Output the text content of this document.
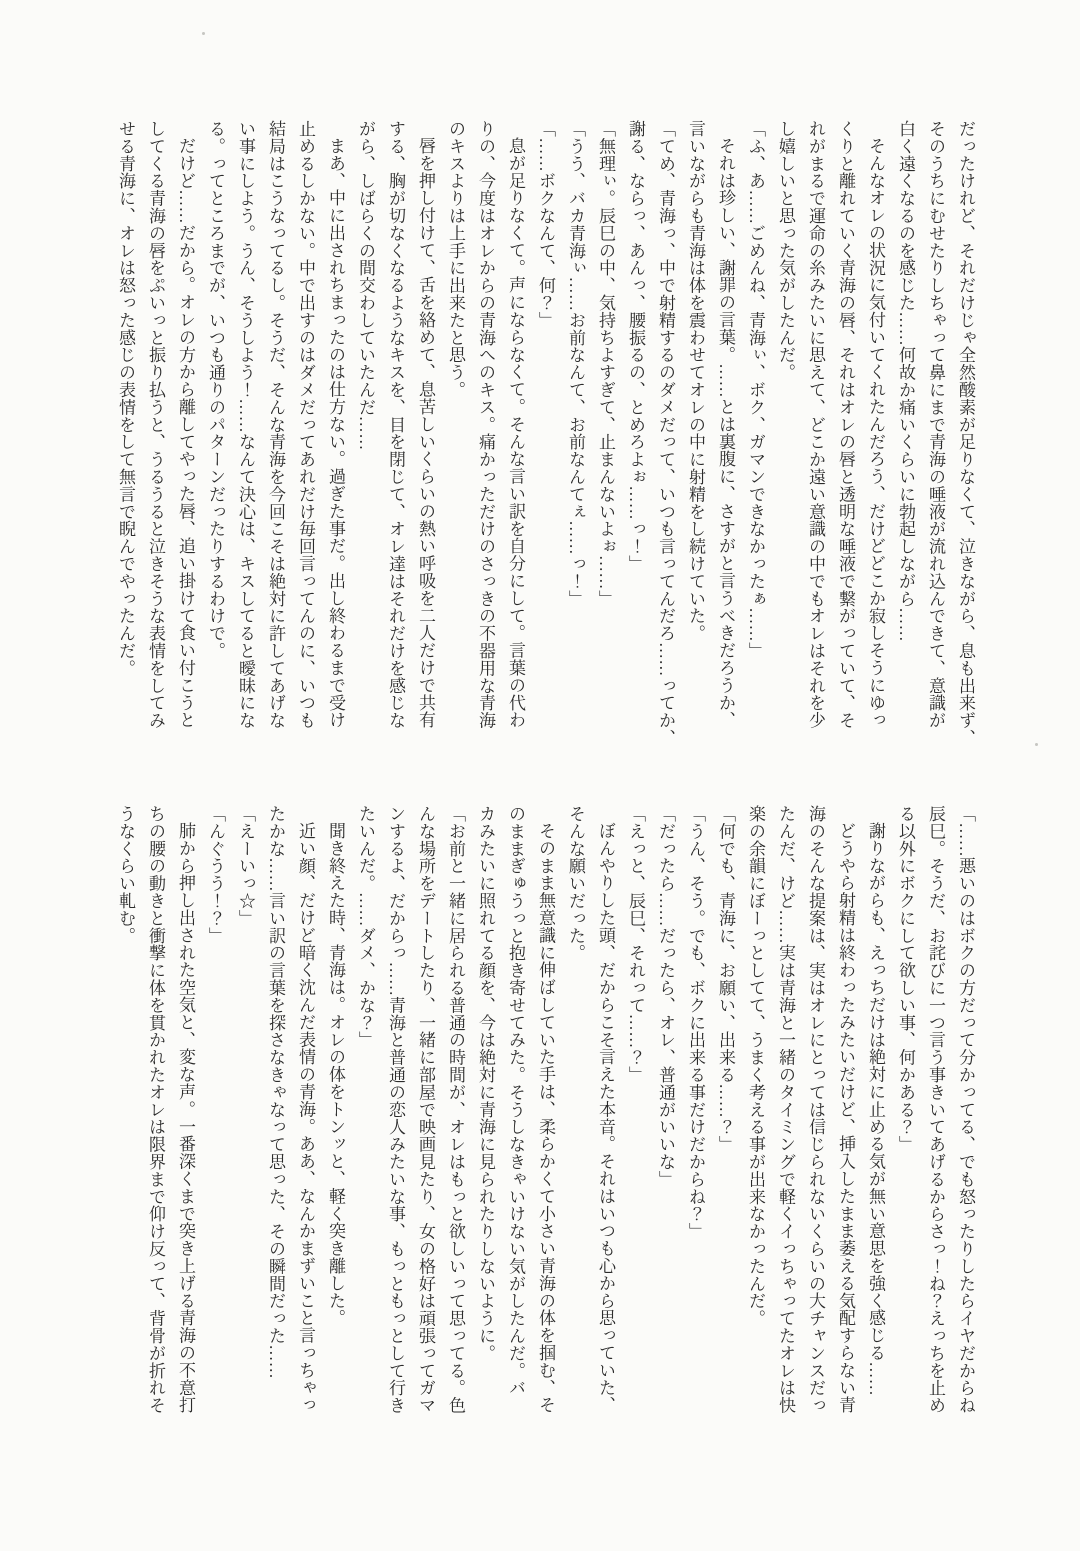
だったけれど、それだけじゃ全然酸素が足りなくて、泣きながら、息も出来ず、

そのうちにむせたりしちゃって鼻にまで青海の唾液が流れ込んできて、意識が

白く遠くなるのを感じた……何故か痛いくらいに勃起しながら……

そんなオレの状況に気付いてくれたんだろう、だけどどこか寂しそうにゆっ

くりと離れていく青海の唇、それはオレの唇と透明な唾液で繋がっていて、そ

れがまるで運命の糸みたいに思えて、どこか遠い意識の中でもオレはそれを少

し嬉しいと思った気がしたんだ。

「ふ、あ……ごめんね、青海ぃ、ボク、ガマンできなかったぁ……」

それは珍しい、謝罪の言葉。……とは裏腹に、さすがと言うべきだろうか、

言いながらも青海は体を震わせてオレの中に射精をし続けていた。

「てめ、青海っ、中で射精するのダメだって、いつも言ってんだろ……ってか、

謝る、ならっ、あんっ、腰振るの、とめろよぉ……っ！」

「無理ぃ。辰巳の中、気持ちよすぎて、止まんないよぉ……」

「うう、バカ青海ぃ……お前なんて、お前なんてぇ……っ！」

「……ボクなんて、何？」

息が足りなくて。声にならなくて。そんな言い訳を自分にして。言葉の代わ

りの、今度はオレからの青海へのキス。痛かっただけのさっきの不器用な青海

のキスよりは上手に出来たと思う。

唇を押し付けて、舌を絡めて、息苦しいくらいの熱い呼吸を二人だけで共有

する、胸が切なくなるようなキスを、目を閉じて、オレ達はそれだけを感じな

がら、しばらくの間交わしていたんだ……

まあ、中に出されちまったのは仕方ない。過ぎた事だ。出し終わるまで受け

止めるしかない。中で出すのはダメだってあれだけ毎回言ってんのに、いつも

結局はこうなってるし。そうだ、そんな青海を今回こそは絶対に許してあげな

い事にしよう。うん、そうしよう！……なんて決心は、キスしてると曖昧にな

る。ってところまでが、いつも通りのパターンだったりするわけで。

だけど……だから。オレの方から離してやった唇、追い掛けて食い付こうと

してくる青海の唇をぷいっと振り払うと、うるうると泣きそうな表情をしてみ

せる青海に、オレは怒った感じの表情をして無言で睨んでやったんだ。

「……悪いのはボクの方だって分かってる、でも怒ったりしたらイヤだからね

辰巳。そうだ、お詫びに一つ言う事きいてあげるからさっ！ね？えっちを止め

る以外にボクにして欲しい事、何かある？」

謝りながらも、えっちだけは絶対に止める気が無い意思を強く感じる……

どうやら射精は終わったみたいだけど、挿入したまま萎える気配すらない青

海のそんな提案は、実はオレにとっては信じられないくらいの大チャンスだっ

たんだ、けど……実は青海と一緒のタイミングで軽くイっちゃってたオレは快

楽の余韻にぼーっとしてて、うまく考える事が出来なかったんだ。

「何でも、青海に、お願い、出来る……？」

「うん、そう。でも、ボクに出来る事だけだからね？」

「だったら……だったら、オレ、普通がいいな」

「えっと、辰巳、それって……？」

ぼんやりした頭、だからこそ言えた本音。それはいつも心から思っていた、

そんな願いだった。

そのまま無意識に伸ばしていた手は、柔らかくて小さい青海の体を掴む、そ

のままぎゅうっと抱き寄せてみた。そうしなきゃいけない気がしたんだ。バ

カみたいに照れてる顔を、今は絶対に青海に見られたりしないように。

「お前と一緒に居られる普通の時間が、オレはもっと欲しいって思ってる。色

んな場所をデートしたり、一緒に部屋で映画見たり、女の格好は頑張ってガマ

ンするよ、だからっ……青海と普通の恋人みたいな事、もっともっとして行き

たいんだ。……ダメ、かな？」

聞き終えた時、青海は。オレの体をトンッと、軽く突き離した。

近い顔、だけど暗く沈んだ表情の青海。ああ、なんかまずいこと言っちゃっ

たかな……言い訳の言葉を探さなきゃなって思った、その瞬間だった……

「えーいっ☆」

「んぐうう！？」

肺から押し出された空気と、変な声。一番深くまで突き上げる青海の不意打

ちの腰の動きと衝撃に体を貫かれたオレは限界まで仰け反って、背骨が折れそ

うなくらい軋む。
